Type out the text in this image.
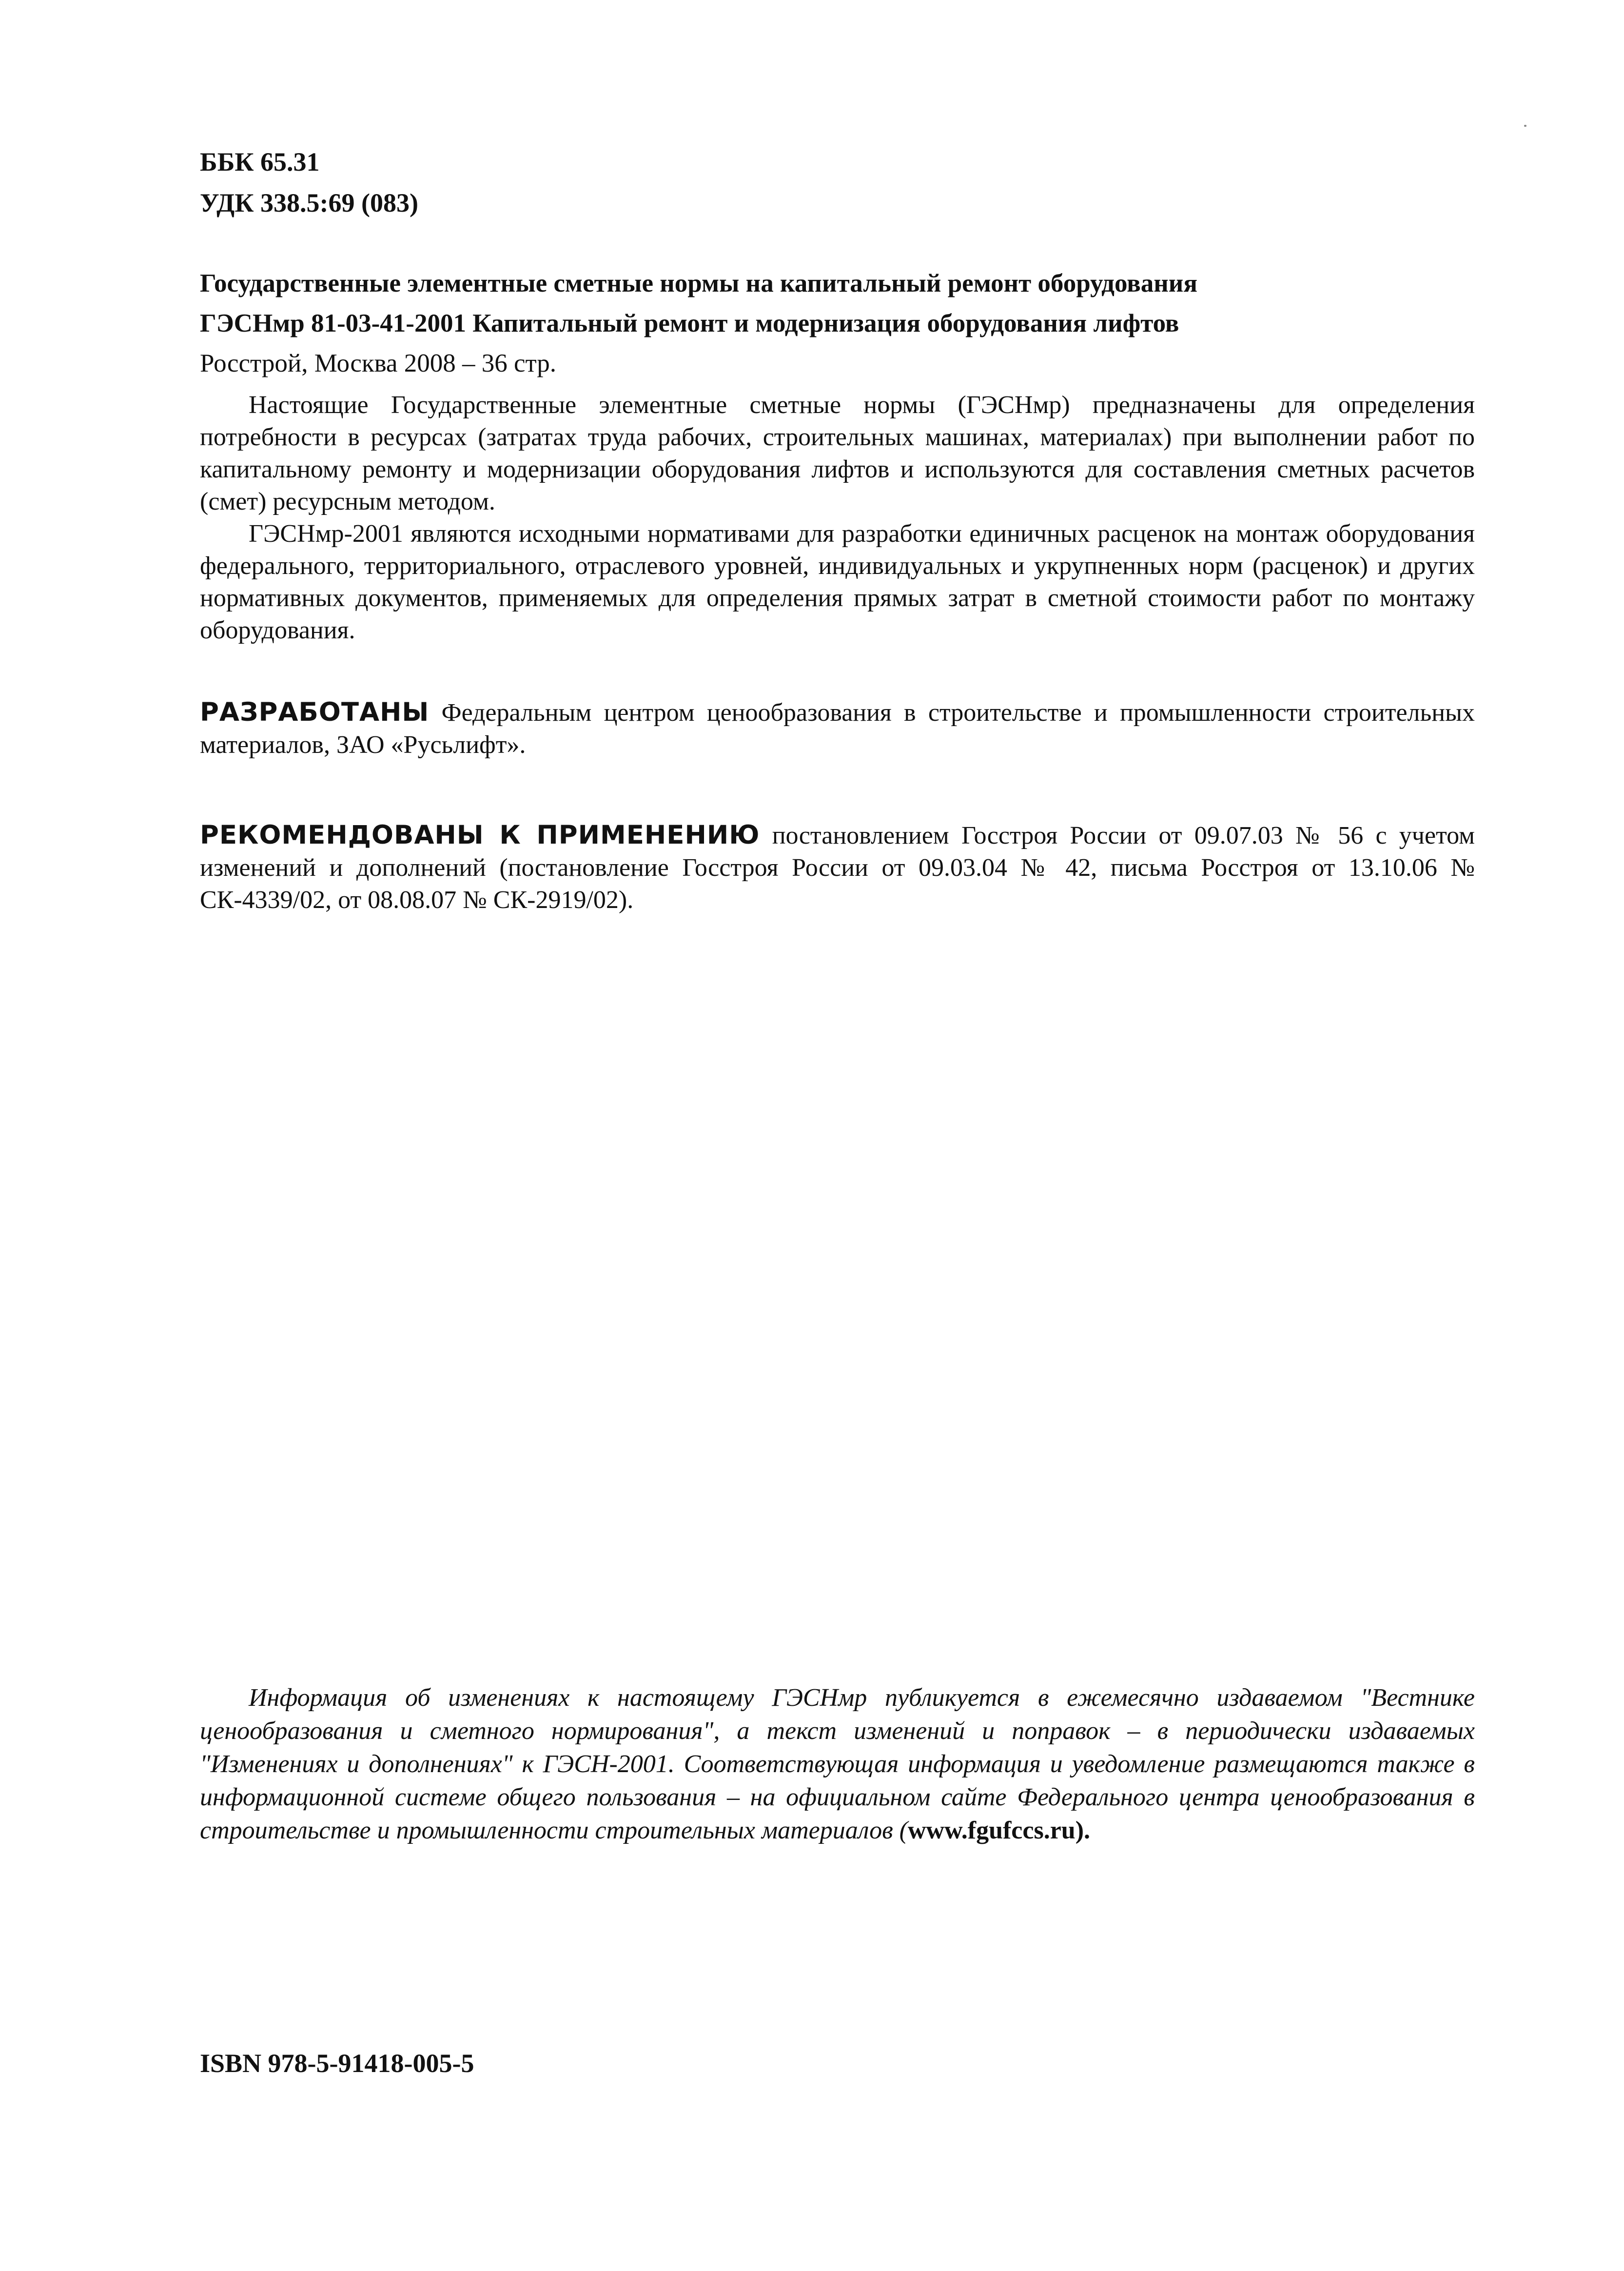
ББК 65.31
УДК 338.5:69 (083)
Государственные элементные сметные нормы на капитальный ремонт оборудования
ГЭСНмр 81-03-41-2001 Капитальный ремонт и модернизация оборудования лифтов
Росстрой, Москва 2008 – 36 стр.

Настоящие Государственные элементные сметные нормы (ГЭСНмр) предназначены для определения потребности в ресурсах (затратах труда рабочих, строительных машинах, материалах) при выполнении работ по капитальному ремонту и модернизации оборудования лифтов и используются для составления сметных расчетов (смет) ресурсным методом.

ГЭСНмр-2001 являются исходными нормативами для разработки единичных расценок на монтаж оборудования федерального, территориального, отраслевого уровней, индивидуальных и укрупненных норм (расценок) и других нормативных документов, применяемых для определения прямых затрат в сметной стоимости работ по монтажу оборудования.

РАЗРАБОТАНЫ Федеральным центром ценообразования в строительстве и промышленности строительных материалов, ЗАО «Русьлифт».
РЕКОМЕНДОВАНЫ К ПРИМЕНЕНИЮ постановлением Госстроя России от 09.07.03 № 56 с учетом изменений и дополнений (постановление Госстроя России от 09.03.04 № 42, письма Росстроя от 13.10.06 № СК-4339/02, от 08.08.07 № СК-2919/02).

Информация об изменениях к настоящему ГЭСНмр публикуется в ежемесячно издаваемом "Вестнике ценообразования и сметного нормирования", а текст изменений и поправок – в периодически издаваемых "Изменениях и дополнениях" к ГЭСН-2001. Соответствующая информация и уведомление размещаются также в информационной системе общего пользования – на официальном сайте Федерального центра ценообразования в строительстве и промышленности строительных материалов (www.fgufccs.ru).

ISBN 978-5-91418-005-5
